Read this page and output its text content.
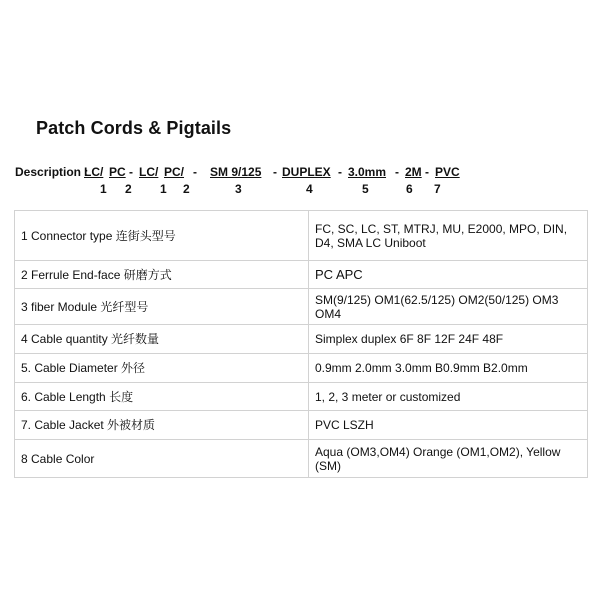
Patch Cords & Pigtails
Description :
LC/ PC - LC/ PC/ - SM 9/125 - DUPLEX - 3.0mm - 2M - PVC
1 2 1 2	3	4	5	6 7
1 Connector type 连街头型号	FC, SC, LC, ST, MTRJ, MU, E2000, MPO, DIN, D4, SMA LC Uniboot
2 Ferrule End-face 研磨方式	PC APC
3 fiber Module 光纤型号	SM(9/125) OM1(62.5/125) OM2(50/125) OM3 OM4
4 Cable quantity 光纤数量	Simplex duplex 6F 8F 12F 24F 48F
5. Cable Diameter 外径	0.9mm 2.0mm 3.0mm B0.9mm B2.0mm
6. Cable Length 长度	1, 2, 3 meter or customized
7. Cable Jacket 外被材质	PVC LSZH
8 Cable Color	Aqua (OM3,OM4) Orange (OM1,OM2), Yellow (SM)
